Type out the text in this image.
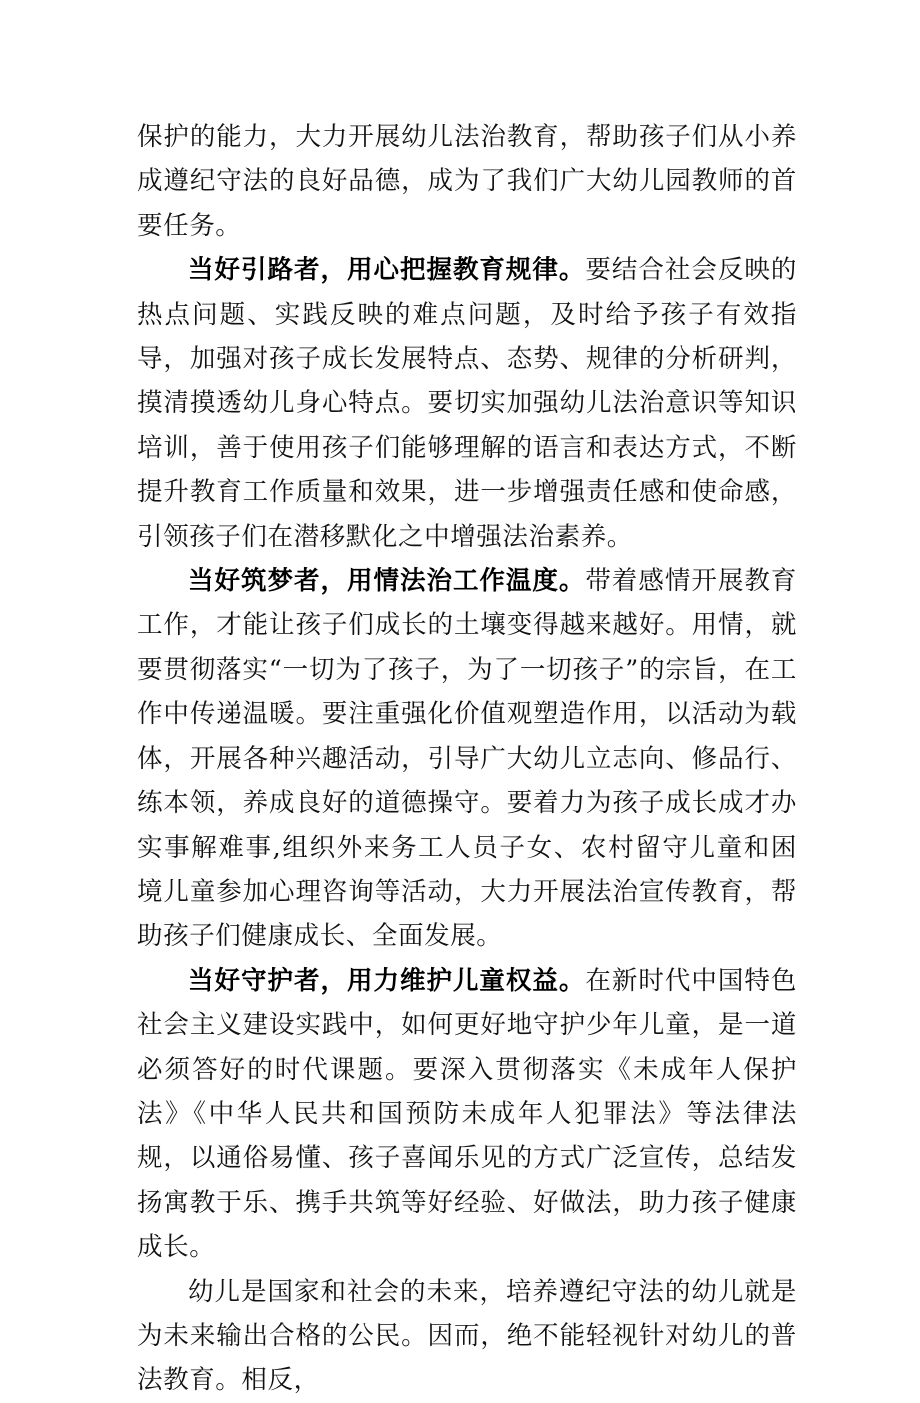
保护的能力，大力开展幼儿法治教育，帮助孩子们从小养成遵纪守法的良好品德，成为了我们广大幼儿园教师的首要任务。

当好引路者，用心把握教育规律。要结合社会反映的热点问题、实践反映的难点问题，及时给予孩子有效指导，加强对孩子成长发展特点、态势、规律的分析研判，摸清摸透幼儿身心特点。要切实加强幼儿法治意识等知识培训，善于使用孩子们能够理解的语言和表达方式，不断提升教育工作质量和效果，进一步增强责任感和使命感，引领孩子们在潜移默化之中增强法治素养。

当好筑梦者，用情法治工作温度。带着感情开展教育工作，才能让孩子们成长的土壤变得越来越好。用情，就要贯彻落实“一切为了孩子，为了一切孩子”的宗旨，在工作中传递温暖。要注重强化价值观塑造作用，以活动为载体，开展各种兴趣活动，引导广大幼儿立志向、修品行、练本领，养成良好的道德操守。要着力为孩子成长成才办实事解难事,组织外来务工人员子女、农村留守儿童和困境儿童参加心理咨询等活动，大力开展法治宣传教育，帮助孩子们健康成长、全面发展。

当好守护者，用力维护儿童权益。在新时代中国特色社会主义建设实践中，如何更好地守护少年儿童，是一道必须答好的时代课题。要深入贯彻落实《未成年人保护法》《中华人民共和国预防未成年人犯罪法》等法律法规，以通俗易懂、孩子喜闻乐见的方式广泛宣传，总结发扬寓教于乐、携手共筑等好经验、好做法，助力孩子健康成长。

幼儿是国家和社会的未来，培养遵纪守法的幼儿就是为未来输出合格的公民。因而，绝不能轻视针对幼儿的普法教育。相反，
